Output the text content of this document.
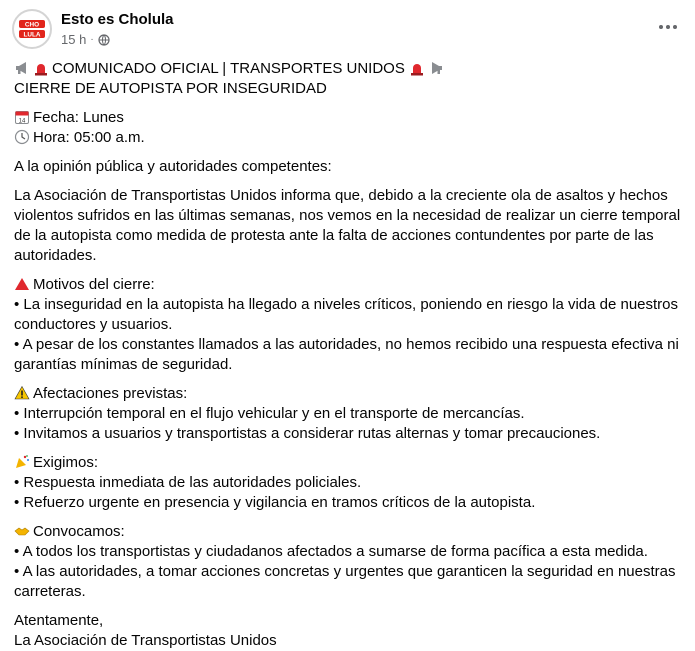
CHO
LULA
Esto es Cholula
15 h ·
COMUNICADO OFICIAL | TRANSPORTES UNIDOS
CIERRE DE AUTOPISTA POR INSEGURIDAD
14 Fecha: Lunes
Hora: 05:00 a.m.
A la opinión pública y autoridades competentes:
La Asociación de Transportistas Unidos informa que, debido a la creciente ola de asaltos y hechos violentos sufridos en las últimas semanas, nos vemos en la necesidad de realizar un cierre temporal de la autopista como medida de protesta ante la falta de acciones contundentes por parte de las autoridades.
Motivos del cierre:
• La inseguridad en la autopista ha llegado a niveles críticos, poniendo en riesgo la vida de nuestros conductores y usuarios.
• A pesar de los constantes llamados a las autoridades, no hemos recibido una respuesta efectiva ni garantías mínimas de seguridad.
Afectaciones previstas:
• Interrupción temporal en el flujo vehicular y en el transporte de mercancías.
• Invitamos a usuarios y transportistas a considerar rutas alternas y tomar precauciones.
Exigimos:
• Respuesta inmediata de las autoridades policiales.
• Refuerzo urgente en presencia y vigilancia en tramos críticos de la autopista.
Convocamos:
• A todos los transportistas y ciudadanos afectados a sumarse de forma pacífica a esta medida.
• A las autoridades, a tomar acciones concretas y urgentes que garanticen la seguridad en nuestras carreteras.
Atentamente,
La Asociación de Transportistas Unidos
